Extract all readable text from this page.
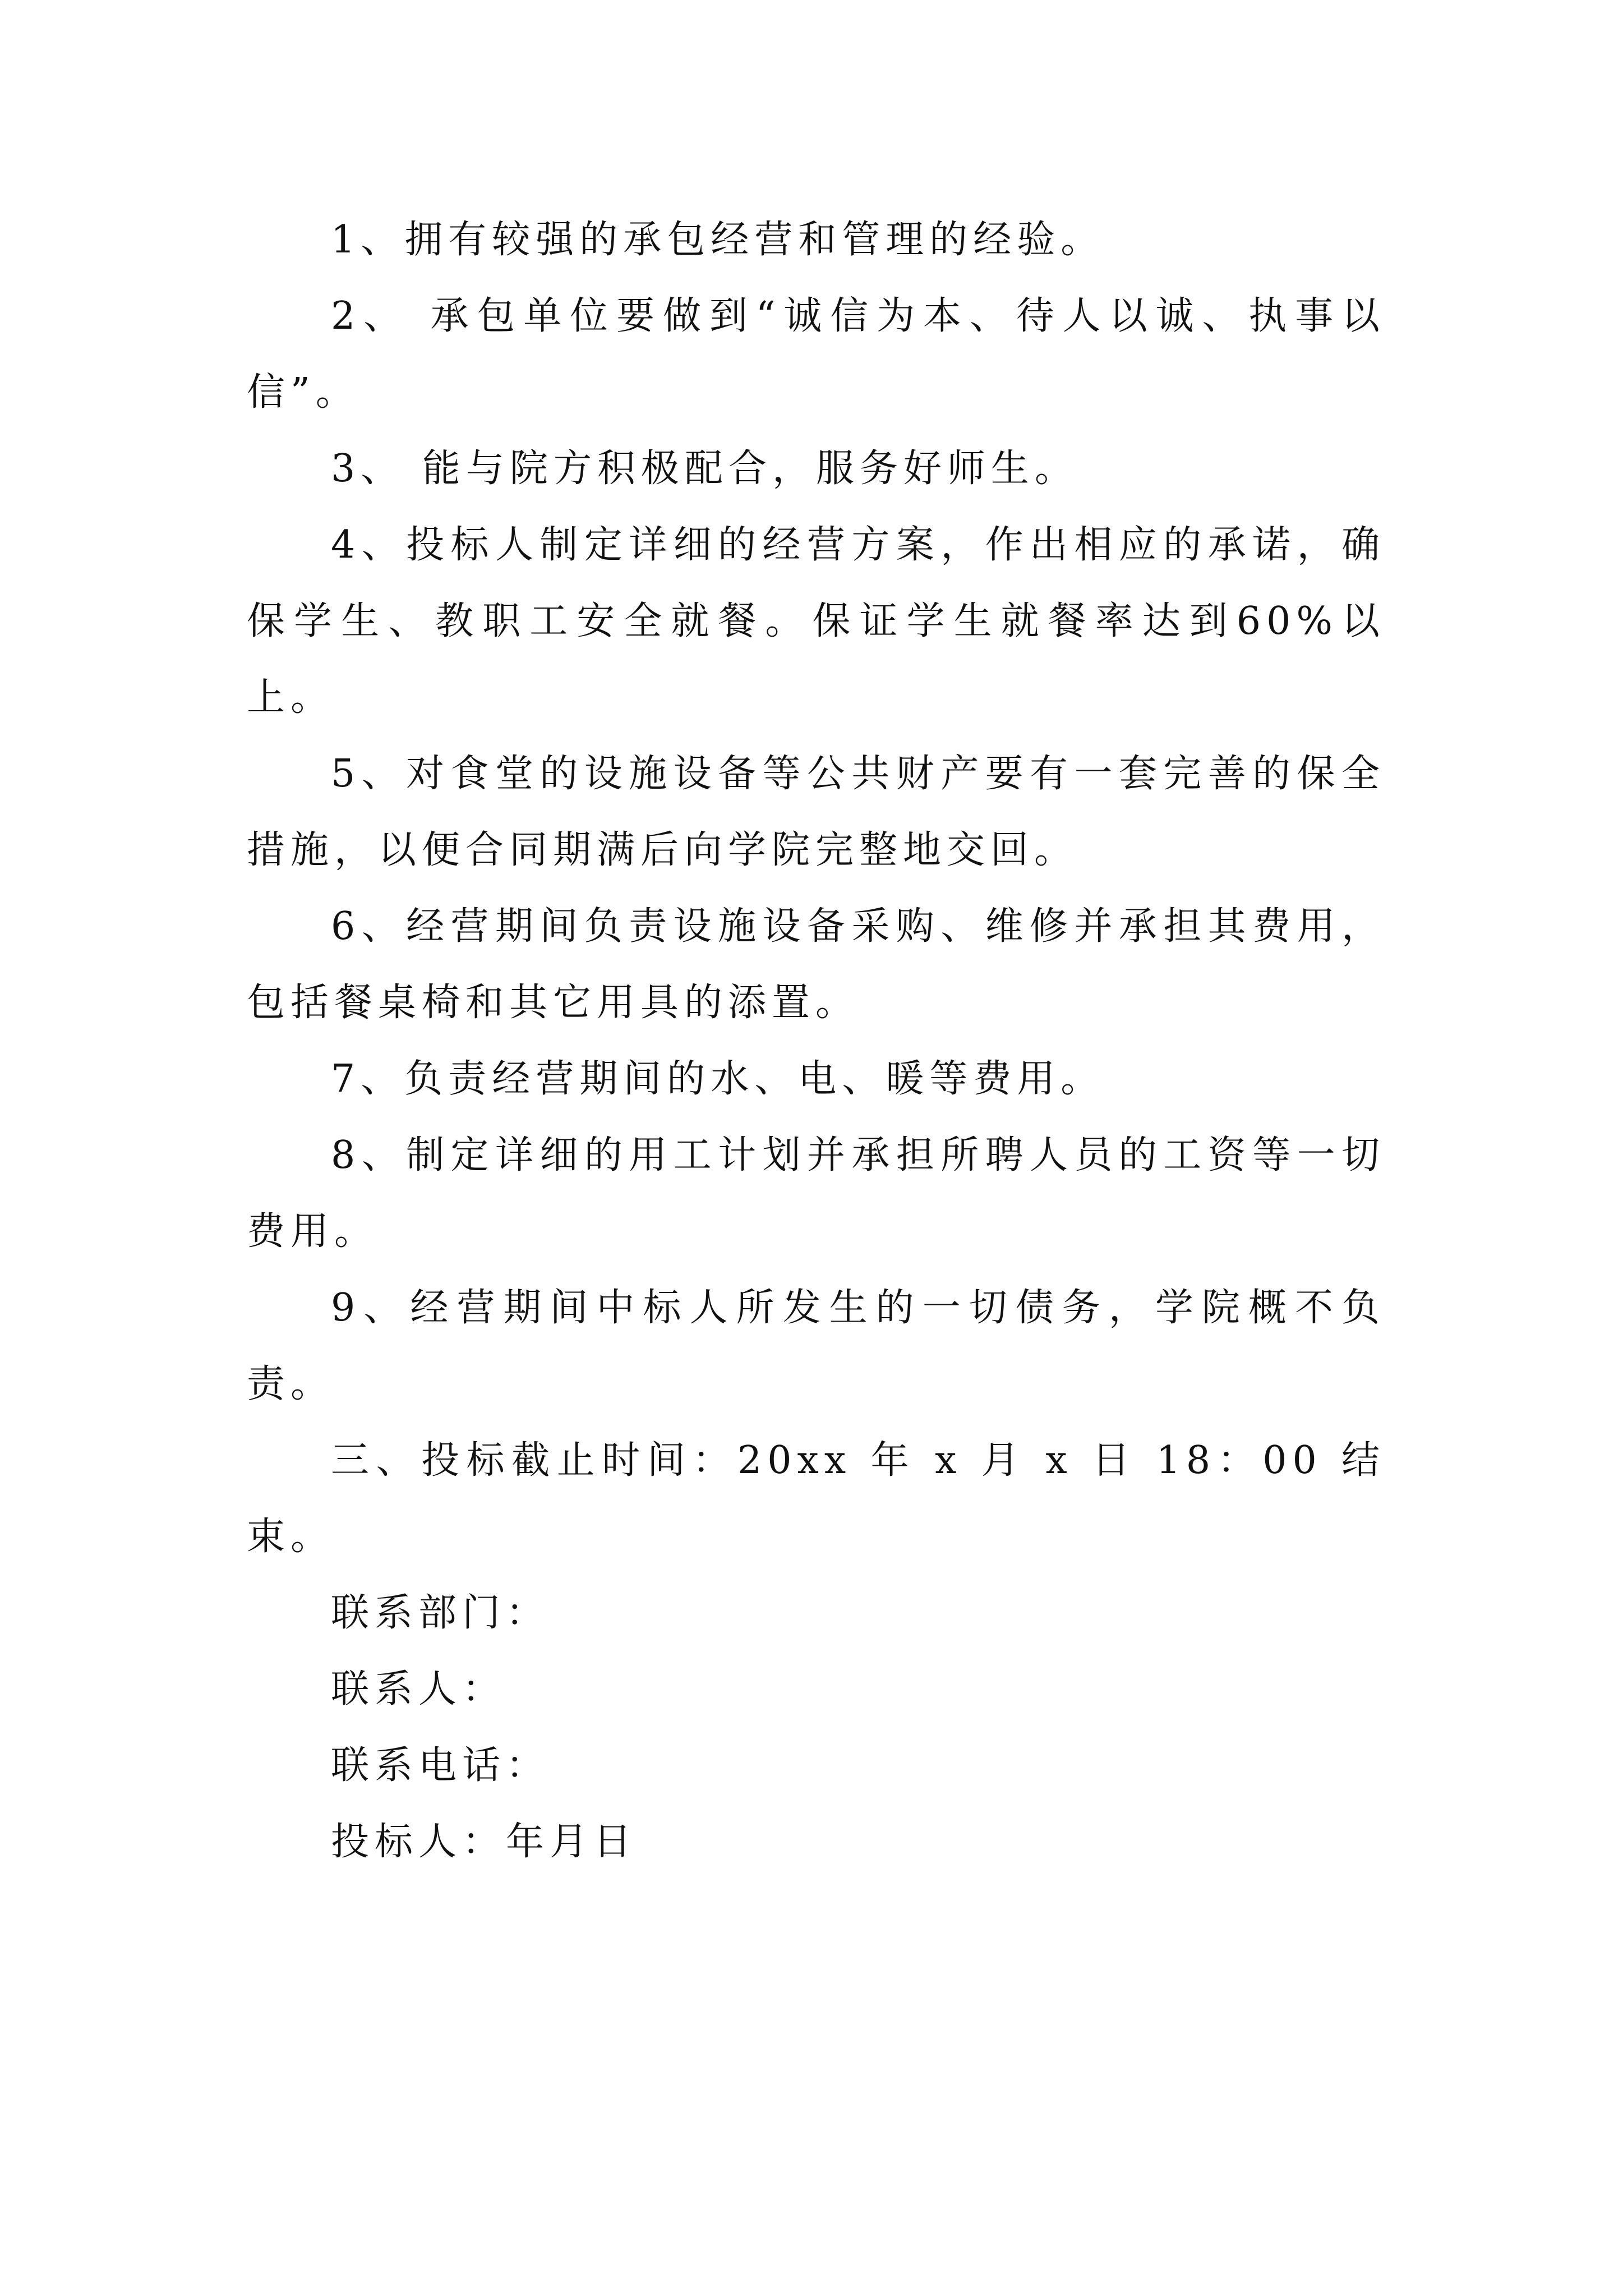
1、拥有较强的承包经营和管理的经验。

2、 承包单位要做到“诚信为本、待人以诚、执事以信”。

3、 能与院方积极配合，服务好师生。

4、投标人制定详细的经营方案，作出相应的承诺，确保学生、教职工安全就餐。保证学生就餐率达到60%以上。

5、对食堂的设施设备等公共财产要有一套完善的保全措施，以便合同期满后向学院完整地交回。

6、经营期间负责设施设备采购、维修并承担其费用，包括餐桌椅和其它用具的添置。

7、负责经营期间的水、电、暖等费用。

8、制定详细的用工计划并承担所聘人员的工资等一切费用。

9、经营期间中标人所发生的一切债务，学院概不负责。

三、投标截止时间：20xx 年 x 月 x 日 18：00 结束。

联系部门：

联系人：

联系电话：

投标人：年月日
